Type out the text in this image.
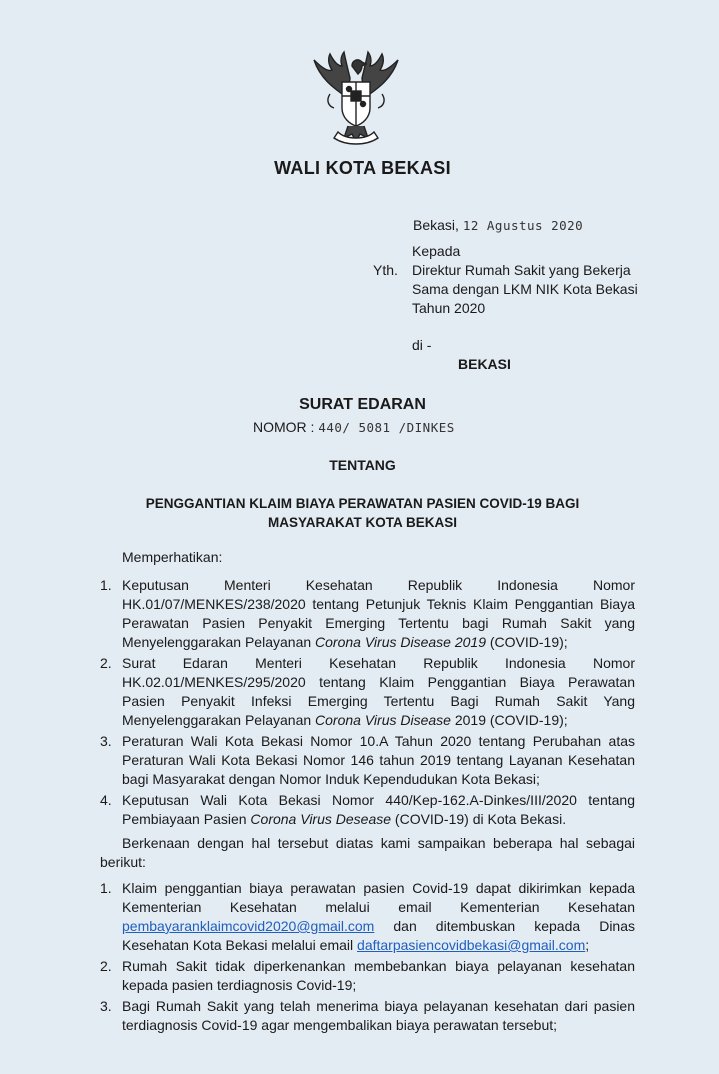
WALI KOTA BEKASI
Bekasi, 12 Agustus 2020
Kepada
Yth. Direktur Rumah Sakit yang Bekerja
Sama dengan LKM NIK Kota Bekasi
Tahun 2020
di -
BEKASI
SURAT EDARAN
NOMOR : 440/ 5081 /DINKES
TENTANG
PENGGANTIAN KLAIM BIAYA PERAWATAN PASIEN COVID-19 BAGI
MASYARAKAT KOTA BEKASI
Memperhatikan:
1. Keputusan Menteri Kesehatan Republik Indonesia Nomor
HK.01/07/MENKES/238/2020 tentang Petunjuk Teknis Klaim Penggantian Biaya
Perawatan Pasien Penyakit Emerging Tertentu bagi Rumah Sakit yang
Menyelenggarakan Pelayanan Corona Virus Disease 2019 (COVID-19);
2. Surat Edaran Menteri Kesehatan Republik Indonesia Nomor
HK.02.01/MENKES/295/2020 tentang Klaim Penggantian Biaya Perawatan
Pasien Penyakit Infeksi Emerging Tertentu Bagi Rumah Sakit Yang
Menyelenggarakan Pelayanan Corona Virus Disease 2019 (COVID-19);
3. Peraturan Wali Kota Bekasi Nomor 10.A Tahun 2020 tentang Perubahan atas
Peraturan Wali Kota Bekasi Nomor 146 tahun 2019 tentang Layanan Kesehatan
bagi Masyarakat dengan Nomor Induk Kependudukan Kota Bekasi;
4. Keputusan Wali Kota Bekasi Nomor 440/Kep-162.A-Dinkes/III/2020 tentang
Pembiayaan Pasien Corona Virus Desease (COVID-19) di Kota Bekasi.
Berkenaan dengan hal tersebut diatas kami sampaikan beberapa hal sebagai
berikut:
1. Klaim penggantian biaya perawatan pasien Covid-19 dapat dikirimkan kepada
Kementerian Kesehatan melalui email Kementerian Kesehatan
pembayaranklaimcovid2020@gmail.com dan ditembuskan kepada Dinas
Kesehatan Kota Bekasi melalui email daftarpasiencovidbekasi@gmail.com;
2. Rumah Sakit tidak diperkenankan membebankan biaya pelayanan kesehatan
kepada pasien terdiagnosis Covid-19;
3. Bagi Rumah Sakit yang telah menerima biaya pelayanan kesehatan dari pasien
terdiagnosis Covid-19 agar mengembalikan biaya perawatan tersebut;
